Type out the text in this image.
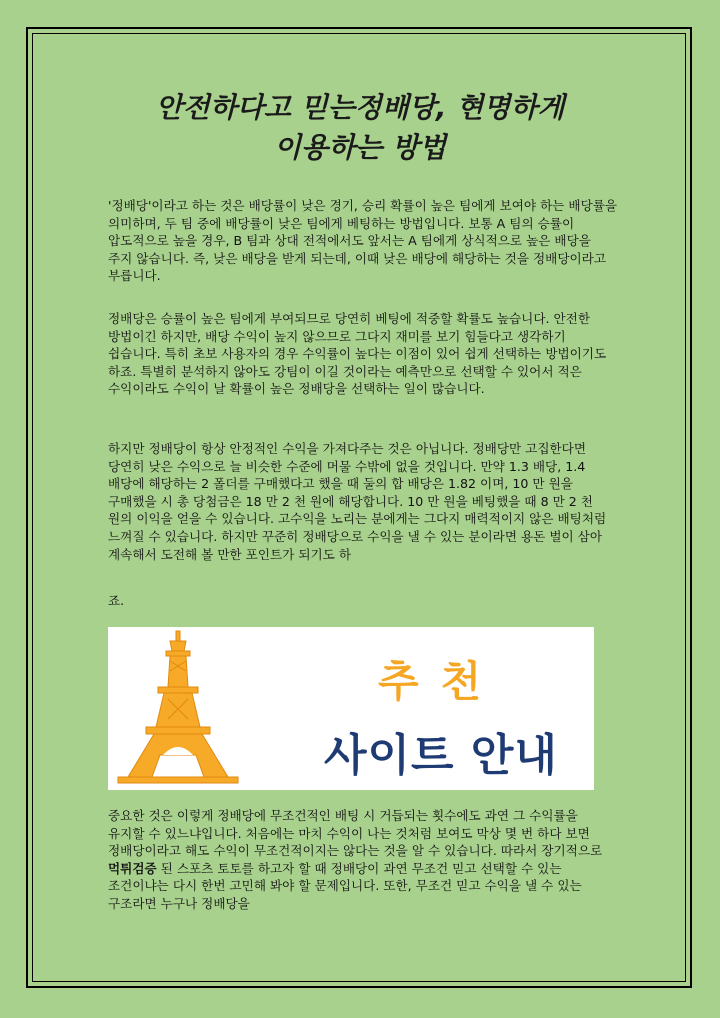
안전하다고 믿는정배당, 현명하게
이용하는 방법

'정배당'이라고 하는 것은 배당률이 낮은 경기, 승리 확률이 높은 팀에게 보여야 하는 배당률을 의미하며, 두 팀 중에 배당률이 낮은 팀에게 베팅하는 방법입니다. 보통 A 팀의 승률이 압도적으로 높을 경우, B 팀과 상대 전적에서도 앞서는 A 팀에게 상식적으로 높은 배당을 주지 않습니다. 즉, 낮은 배당을 받게 되는데, 이때 낮은 배당에 해당하는 것을 정배당이라고 부릅니다.

정배당은 승률이 높은 팀에게 부여되므로 당연히 베팅에 적중할 확률도 높습니다. 안전한 방법이긴 하지만, 배당 수익이 높지 않으므로 그다지 재미를 보기 힘들다고 생각하기 쉽습니다. 특히 초보 사용자의 경우 수익률이 높다는 이점이 있어 쉽게 선택하는 방법이기도 하죠. 특별히 분석하지 않아도 강팀이 이길 것이라는 예측만으로 선택할 수 있어서 적은 수익이라도 수익이 날 확률이 높은 정배당을 선택하는 일이 많습니다.

하지만 정배당이 항상 안정적인 수익을 가져다주는 것은 아닙니다. 정배당만 고집한다면 당연히 낮은 수익으로 늘 비슷한 수준에 머물 수밖에 없을 것입니다. 만약 1.3 배당, 1.4 배당에 해당하는 2 폴더를 구매했다고 했을 때 둘의 합 배당은 1.82 이며, 10 만 원을 구매했을 시 총 당첨금은 18 만 2 천 원에 해당합니다. 10 만 원을 베팅했을 때 8 만 2 천 원의 이익을 얻을 수 있습니다. 고수익을 노리는 분에게는 그다지 매력적이지 않은 배팅처럼 느껴질 수 있습니다. 하지만 꾸준히 정배당으로 수익을 낼 수 있는 분이라면 용돈 벌이 삼아 계속해서 도전해 볼 만한 포인트가 되기도 하

죠.

추천

사이트 안내

중요한 것은 이렇게 정배당에 무조건적인 배팅 시 거듭되는 횟수에도 과연 그 수익률을 유지할 수 있느냐입니다. 처음에는 마치 수익이 나는 것처럼 보여도 막상 몇 번 하다 보면 정배당이라고 해도 수익이 무조건적이지는 않다는 것을 알 수 있습니다. 따라서 장기적으로 먹튀검증 된 스포츠 토토를 하고자 할 때 정배당이 과연 무조건 믿고 선택할 수 있는 조건이냐는 다시 한번 고민해 봐야 할 문제입니다. 또한, 무조건 믿고 수익을 낼 수 있는 구조라면 누구나 정배당을
